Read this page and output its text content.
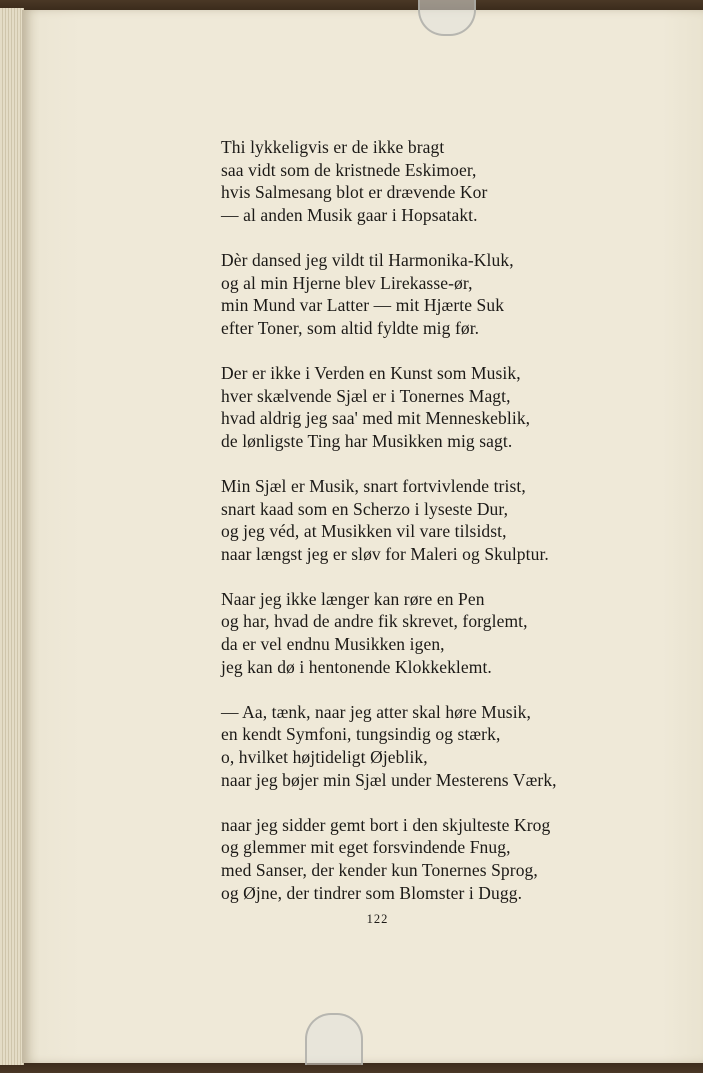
Thi lykkeligvis er de ikke bragt
saa vidt som de kristnede Eskimoer,
hvis Salmesang blot er drævende Kor
— al anden Musik gaar i Hopsatakt.
Dèr dansed jeg vildt til Harmonika-Kluk,
og al min Hjerne blev Lirekasse-ør,
min Mund var Latter — mit Hjærte Suk
efter Toner, som altid fyldte mig før.
Der er ikke i Verden en Kunst som Musik,
hver skælvende Sjæl er i Tonernes Magt,
hvad aldrig jeg saa' med mit Menneskeblik,
de lønligste Ting har Musikken mig sagt.
Min Sjæl er Musik, snart fortvivlende trist,
snart kaad som en Scherzo i lyseste Dur,
og jeg véd, at Musikken vil vare tilsidst,
naar længst jeg er sløv for Maleri og Skulptur.
Naar jeg ikke længer kan røre en Pen
og har, hvad de andre fik skrevet, forglemt,
da er vel endnu Musikken igen,
jeg kan dø i hentonende Klokkeklemt.
— Aa, tænk, naar jeg atter skal høre Musik,
en kendt Symfoni, tungsindig og stærk,
o, hvilket højtideligt Øjeblik,
naar jeg bøjer min Sjæl under Mesterens Værk,
naar jeg sidder gemt bort i den skjulteste Krog
og glemmer mit eget forsvindende Fnug,
med Sanser, der kender kun Tonernes Sprog,
og Øjne, der tindrer som Blomster i Dugg.
122
